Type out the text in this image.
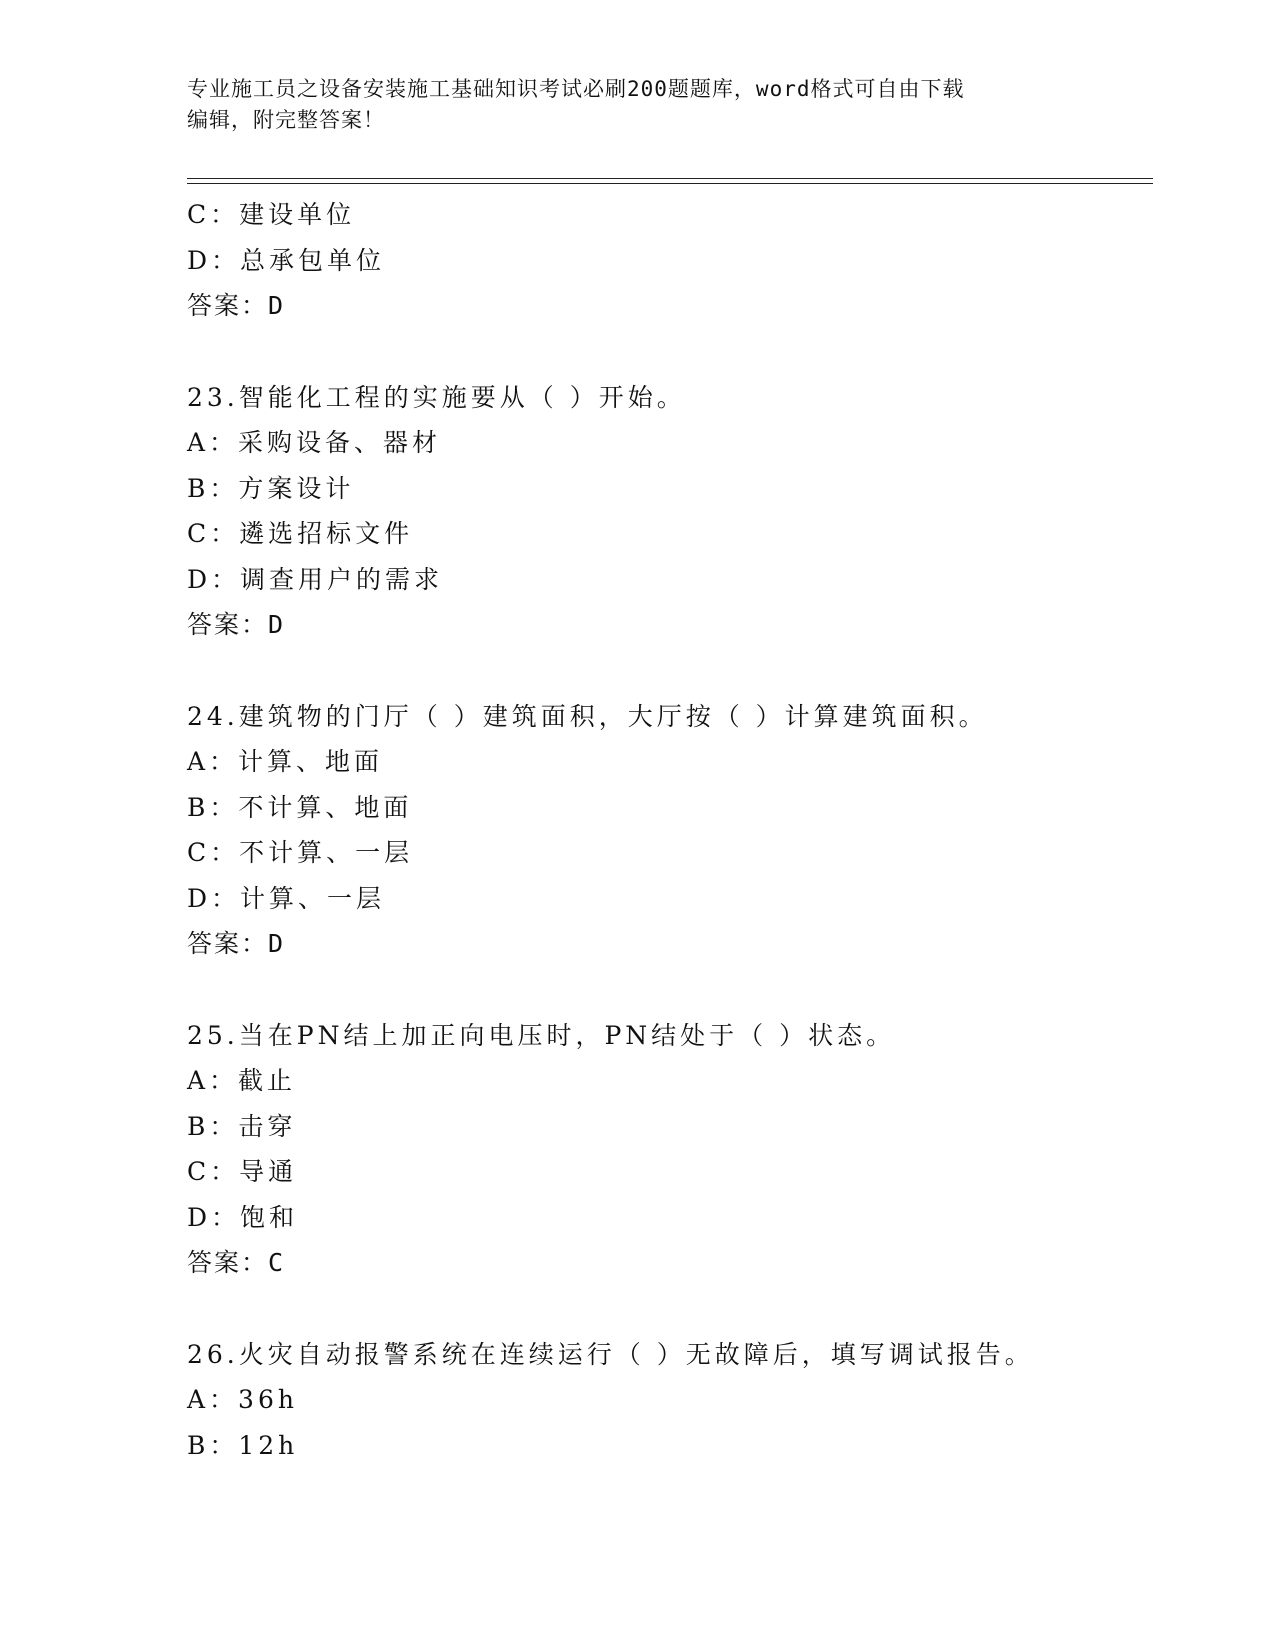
专业施工员之设备安装施工基础知识考试必刷200题题库，word格式可自由下载
编辑，附完整答案！
C：建设单位
D：总承包单位
答案：D
23.智能化工程的实施要从（ ）开始。
A：采购设备、器材
B：方案设计
C：遴选招标文件
D：调查用户的需求
答案：D
24.建筑物的门厅（ ）建筑面积，大厅按（ ）计算建筑面积。
A：计算、地面
B：不计算、地面
C：不计算、一层
D：计算、一层
答案：D
25.当在PN结上加正向电压时，PN结处于（ ）状态。
A：截止
B：击穿
C：导通
D：饱和
答案：C
26.火灾自动报警系统在连续运行（ ）无故障后，填写调试报告。
A：36h
B：12h
